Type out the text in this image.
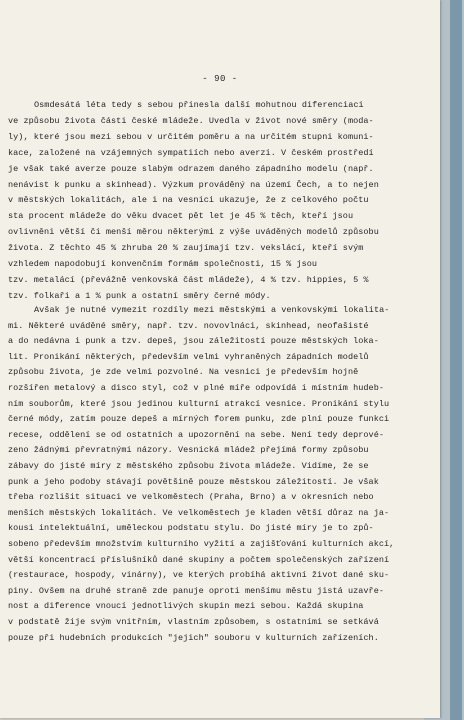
- 90 -
Osmdesátá léta tedy s sebou přinesla další mohutnou diferenciaci
ve způsobu života části české mládeže. Uvedla v život nové směry (moda-
ly), které jsou mezi sebou v určitém poměru a na určitém stupni komuni-
kace, založené na vzájemných sympatiích nebo averzi. V českém prostředí
je však také averze pouze slabým odrazem daného západního modelu (např.
nenávist k punku a skinhead). Výzkum prováděný na území Čech, a to nejen
v městských lokalitách, ale i na vesnici ukazuje, že z celkového počtu
sta procent mládeže do věku dvacet pět let je 45 % těch, kteří jsou
ovlivněni větší či menší měrou některými z výše uváděných modelů způsobu
života. Z těchto 45 % zhruba 20 % zaujímají tzv. vekslácí, kteří svým
vzhledem napodobují konvenčním formám společnosti, 15 % jsou
tzv. metalácí (převážně venkovská část mládeže), 4 % tzv. hippies, 5 %
tzv. folkaři a 1 % punk a ostatní směry černé módy.
Avšak je nutné vymezit rozdíly mezi městskými a venkovskými lokalita-
mi. Některé uváděné směry, např. tzv. novovlnáci, skinhead, neofašisté
a do nedávna i punk a tzv. depeš, jsou záležitostí pouze městských loka-
lit. Pronikání některých, především velmi vyhraněných západních modelů
způsobu života, je zde velmi pozvolné. Na vesnici je především hojně
rozšířen metalový a disco styl, což v plné míře odpovídá i místním hudeb-
ním souborům, které jsou jedinou kulturní atrakcí vesnice. Pronikání stylu
černé módy, zatím pouze depeš a mírných forem punku, zde plní pouze funkci
recese, oddělení se od ostatních a upozornění na sebe. Není tedy deprové-
zeno žádnými převratnými názory. Vesnická mládež přejímá formy způsobu
zábavy do jisté míry z městského způsobu života mládeže. Vidíme, že se
punk a jeho podoby stávají povětšině pouze městskou záležitostí. Je však
třeba rozlišit situaci ve velkoměstech (Praha, Brno) a v okresních nebo
menších městských lokalitách. Ve velkoměstech je kladen větší důraz na ja-
kousi intelektuální, uměleckou podstatu stylu. Do jisté míry je to způ-
sobeno především množstvím kulturního vyžití a zajišťování kulturních akcí,
větší koncentrací příslušníků dané skupiny a počtem společenských zařízení
(restaurace, hospody, vinárny), ve kterých probíhá aktivní život dané sku-
piny. Ovšem na druhé straně zde panuje oproti menšímu městu jistá uzavře-
nost a diference vnoucí jednotlivých skupin mezi sebou. Každá skupina
v podstatě žije svým vnitřním, vlastním způsobem, s ostatními se setkává
pouze při hudebních produkcích "jejich" souboru v kulturních zařízeních.
